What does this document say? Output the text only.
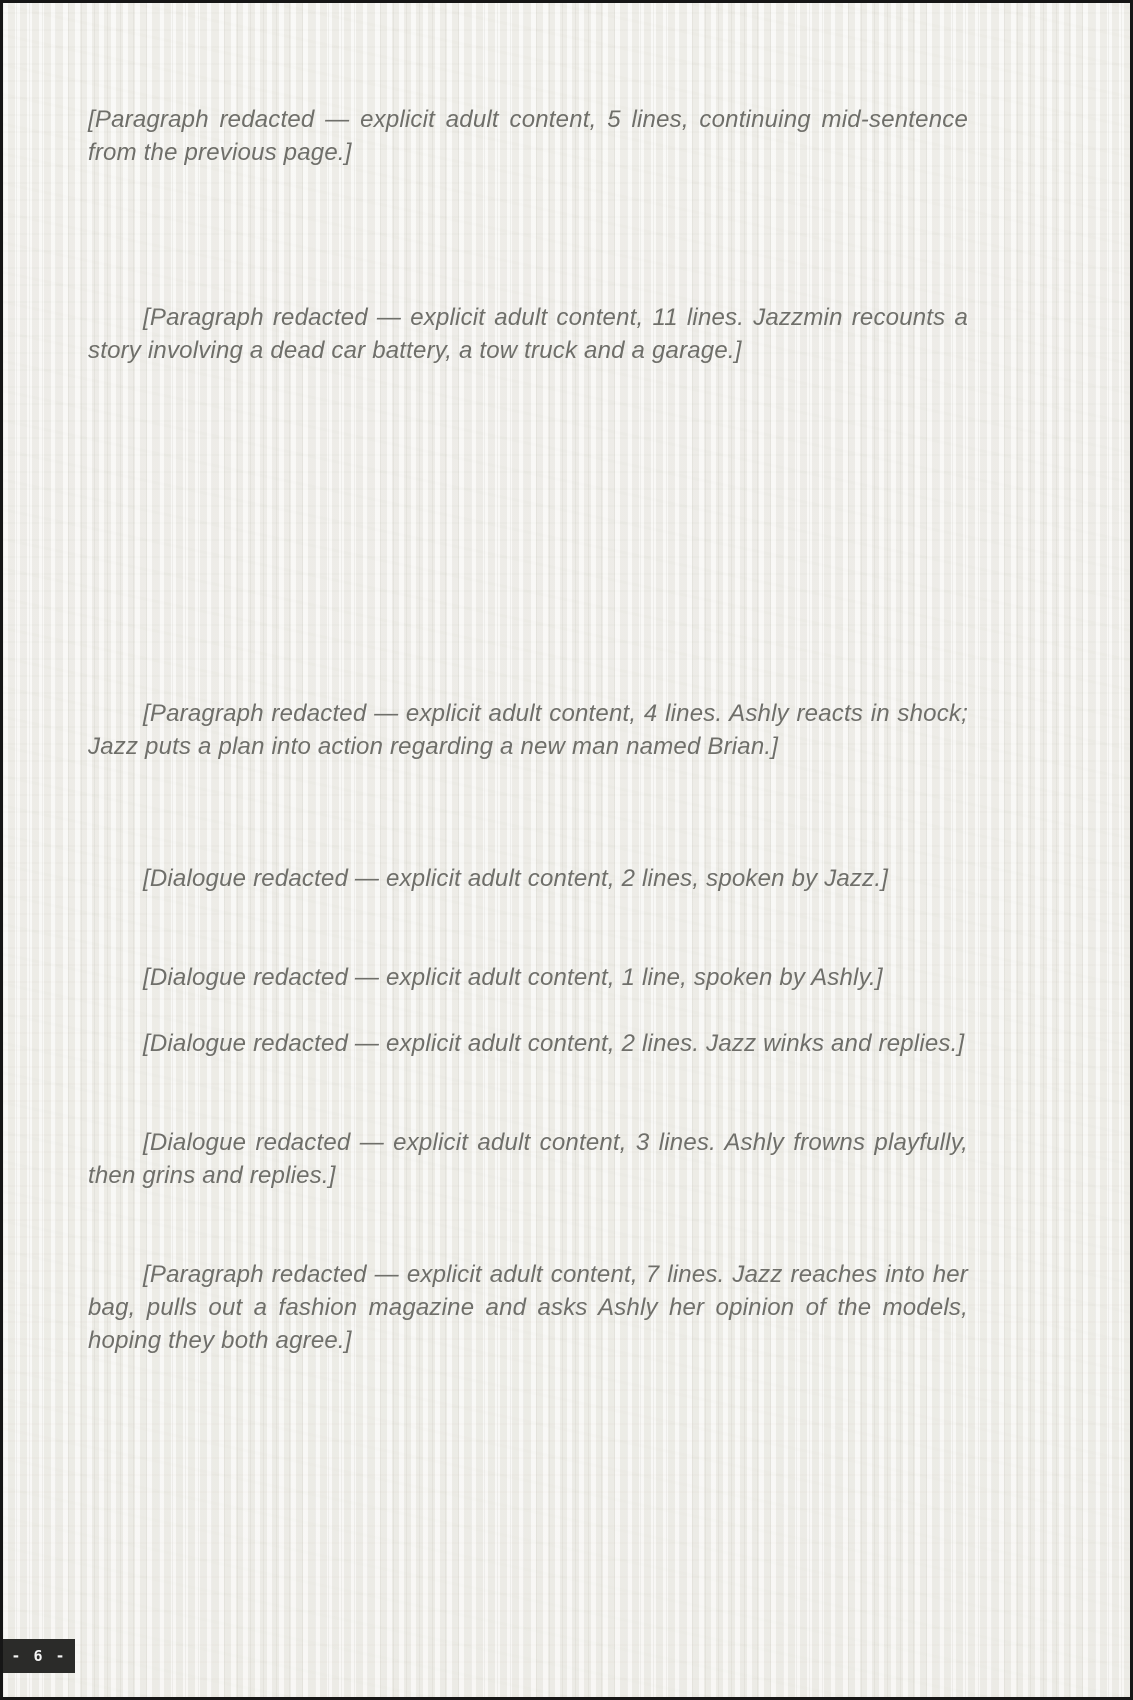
[Paragraph redacted — explicit adult content, 5 lines, continuing mid-sentence from the previous page.]

[Paragraph redacted — explicit adult content, 11 lines. Jazzmin recounts a story involving a dead car battery, a tow truck and a garage.]

[Paragraph redacted — explicit adult content, 4 lines. Ashly reacts in shock; Jazz puts a plan into action regarding a new man named Brian.]

[Dialogue redacted — explicit adult content, 2 lines, spoken by Jazz.]

[Dialogue redacted — explicit adult content, 1 line, spoken by Ashly.]

[Dialogue redacted — explicit adult content, 2 lines. Jazz winks and replies.]

[Dialogue redacted — explicit adult content, 3 lines. Ashly frowns playfully, then grins and replies.]

[Paragraph redacted — explicit adult content, 7 lines. Jazz reaches into her bag, pulls out a fashion magazine and asks Ashly her opinion of the models, hoping they both agree.]

- 6 -
